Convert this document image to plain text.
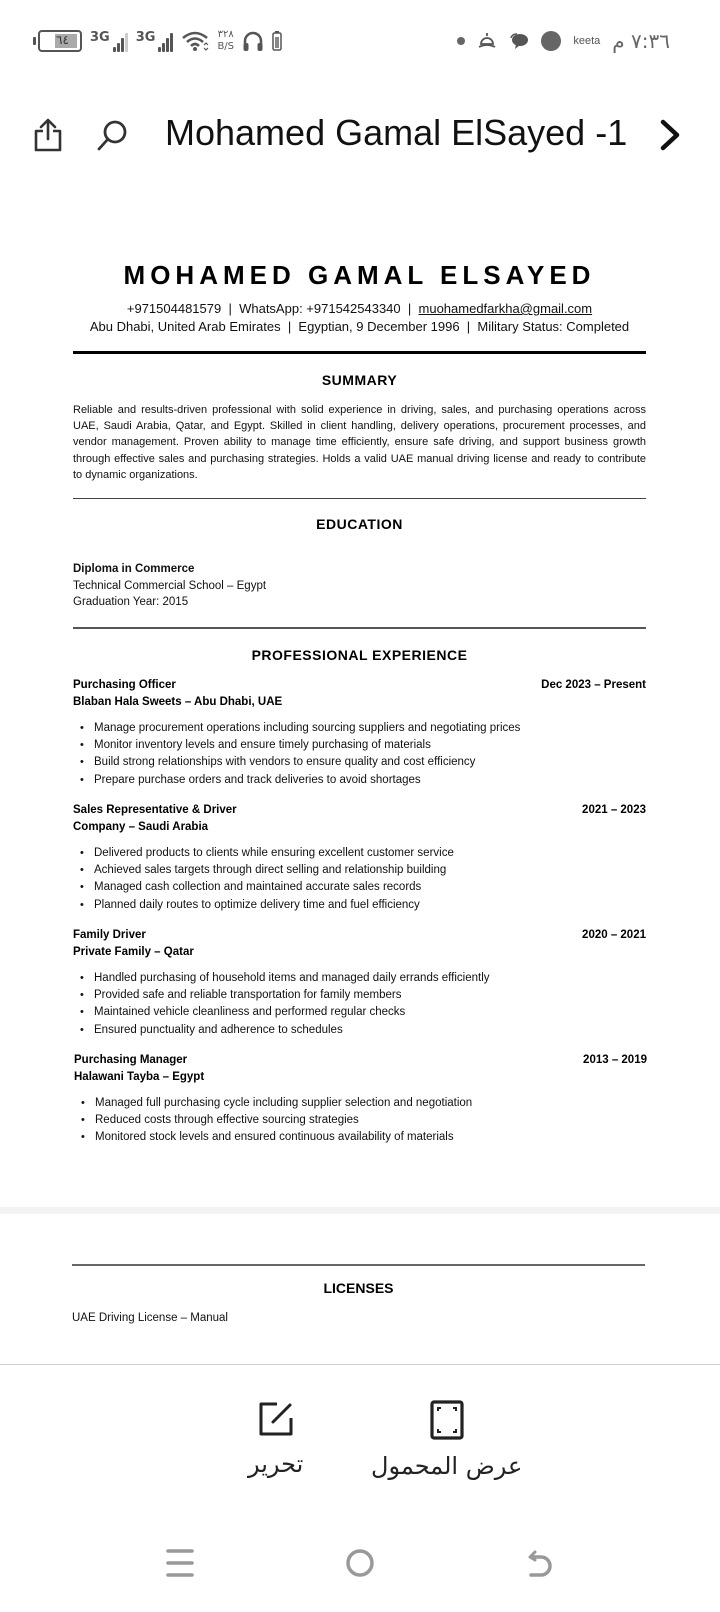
٦٤ 3G 3G	٣٢٨
B/S	keeta ٧:٣٦ م
Mohamed Gamal ElSayed -1
MOHAMED GAMAL ELSAYED
+971504481579 | WhatsApp: +971542543340 | muohamedfarkha@gmail.com
Abu Dhabi, United Arab Emirates  |  Egyptian, 9 December 1996  |  Military Status: Completed
SUMMARY
Reliable and results-driven professional with solid experience in driving, sales, and purchasing operations across UAE, Saudi Arabia, Qatar, and Egypt. Skilled in client handling, delivery operations, procurement processes, and vendor management. Proven ability to manage time efficiently, ensure safe driving, and support business growth through effective sales and purchasing strategies. Holds a valid UAE manual driving license and ready to contribute to dynamic organizations.
EDUCATION
Diploma in Commerce
Technical Commercial School – Egypt
Graduation Year: 2015
PROFESSIONAL EXPERIENCE
Purchasing Officer	Dec 2023 – Present
Blaban Hala Sweets – Abu Dhabi, UAE
• Manage procurement operations including sourcing suppliers and negotiating prices
• Monitor inventory levels and ensure timely purchasing of materials
• Build strong relationships with vendors to ensure quality and cost efficiency
• Prepare purchase orders and track deliveries to avoid shortages
Sales Representative & Driver	2021 – 2023
Company – Saudi Arabia
• Delivered products to clients while ensuring excellent customer service
• Achieved sales targets through direct selling and relationship building
• Managed cash collection and maintained accurate sales records
• Planned daily routes to optimize delivery time and fuel efficiency
Family Driver	2020 – 2021
Private Family – Qatar
• Handled purchasing of household items and managed daily errands efficiently
• Provided safe and reliable transportation for family members
• Maintained vehicle cleanliness and performed regular checks
• Ensured punctuality and adherence to schedules
Purchasing Manager	2013 – 2019
Halawani Tayba – Egypt
• Managed full purchasing cycle including supplier selection and negotiation
• Reduced costs through effective sourcing strategies
• Monitored stock levels and ensured continuous availability of materials
LICENSES
UAE Driving License – Manual
تحرير	عرض المحمول
